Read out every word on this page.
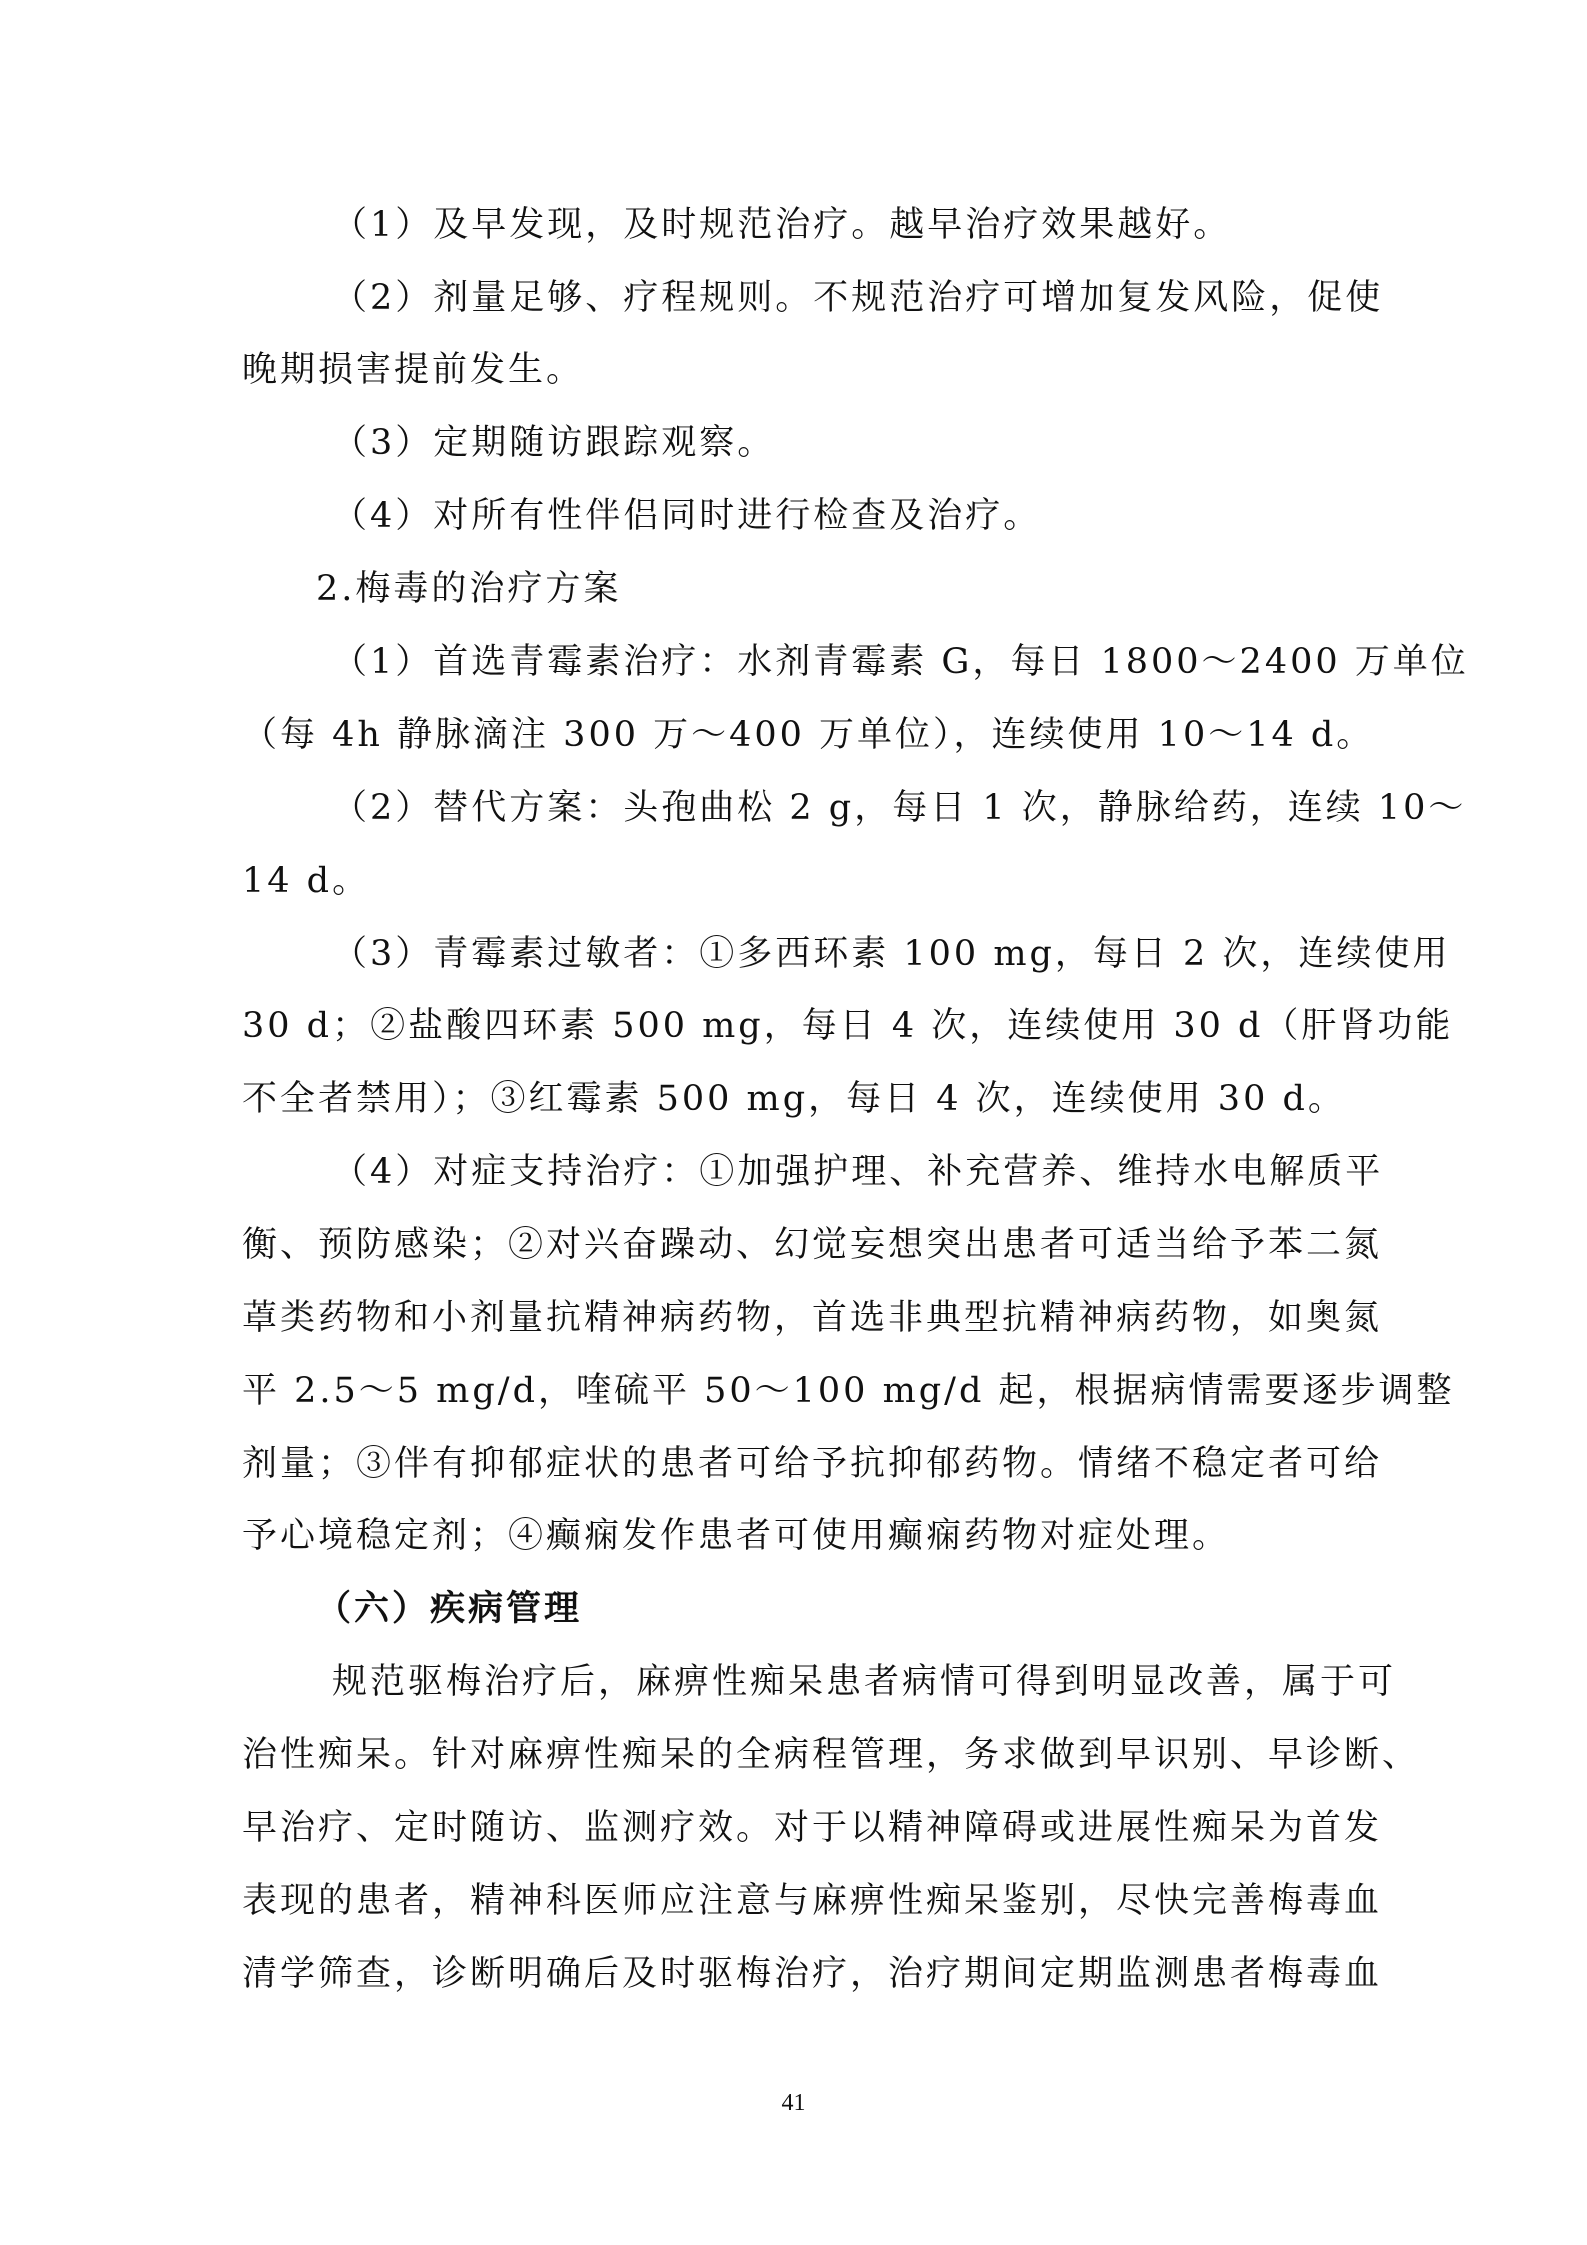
（1）及早发现，及时规范治疗。越早治疗效果越好。
（2）剂量足够、疗程规则。不规范治疗可增加复发风险，促使
晚期损害提前发生。
（3）定期随访跟踪观察。
（4）对所有性伴侣同时进行检查及治疗。
2.梅毒的治疗方案
（1）首选青霉素治疗：水剂青霉素 G，每日 1800～2400 万单位
（每 4h 静脉滴注 300 万～400 万单位），连续使用 10～14 d。
（2）替代方案：头孢曲松 2 g，每日 1 次，静脉给药，连续 10～
14 d。
（3）青霉素过敏者：①多西环素 100 mg，每日 2 次，连续使用
30 d；②盐酸四环素 500 mg，每日 4 次，连续使用 30 d（肝肾功能
不全者禁用）；③红霉素 500 mg，每日 4 次，连续使用 30 d。
（4）对症支持治疗：①加强护理、补充营养、维持水电解质平
衡、预防感染；②对兴奋躁动、幻觉妄想突出患者可适当给予苯二氮
䓬类药物和小剂量抗精神病药物，首选非典型抗精神病药物，如奥氮
平 2.5～5 mg/d，喹硫平 50～100 mg/d 起，根据病情需要逐步调整
剂量；③伴有抑郁症状的患者可给予抗抑郁药物。情绪不稳定者可给
予心境稳定剂；④癫痫发作患者可使用癫痫药物对症处理。
（六）疾病管理
规范驱梅治疗后，麻痹性痴呆患者病情可得到明显改善，属于可
治性痴呆。针对麻痹性痴呆的全病程管理，务求做到早识别、早诊断、
早治疗、定时随访、监测疗效。对于以精神障碍或进展性痴呆为首发
表现的患者，精神科医师应注意与麻痹性痴呆鉴别，尽快完善梅毒血
清学筛查，诊断明确后及时驱梅治疗，治疗期间定期监测患者梅毒血
41
